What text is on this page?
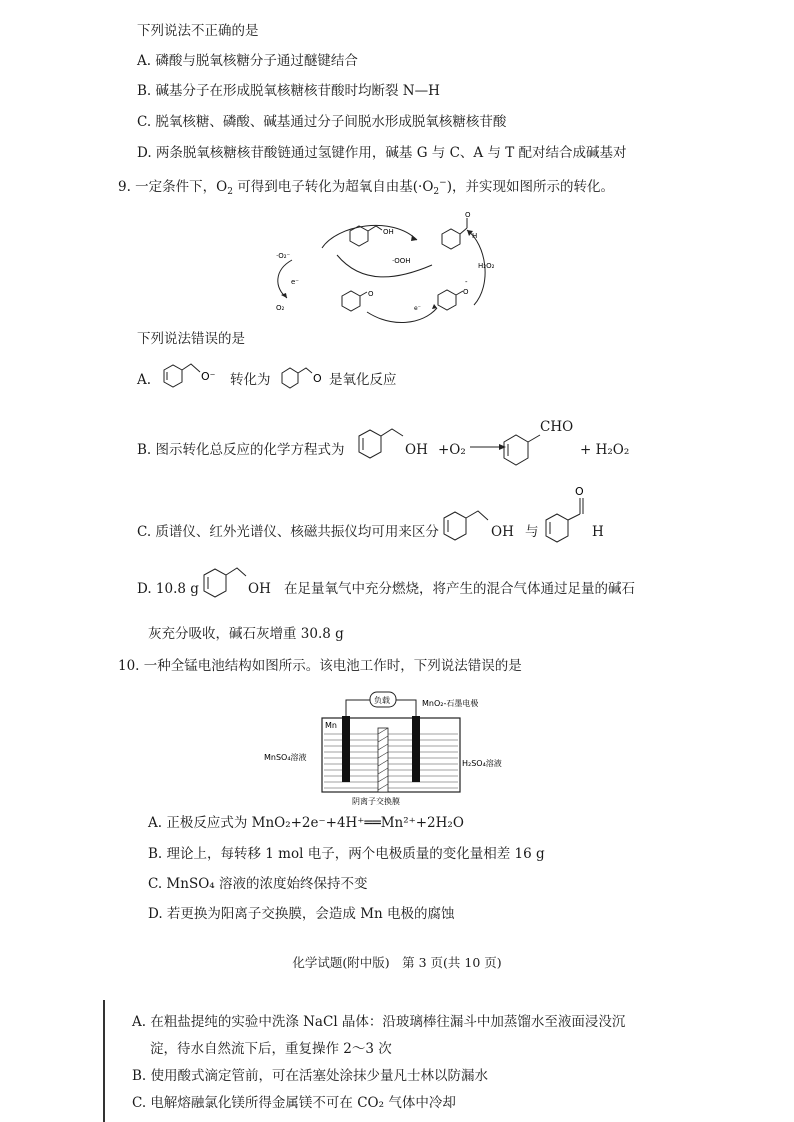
下列说法不正确的是
A. 磷酸与脱氧核糖分子通过醚键结合
B. 碱基分子在形成脱氧核糖核苷酸时均断裂 N—H
C. 脱氧核糖、磷酸、碱基通过分子间脱水形成脱氧核糖核苷酸
D. 两条脱氧核糖核苷酸链通过氢键作用，碱基 G 与 C、A 与 T 配对结合成碱基对
9. 一定条件下，$O_2$ 可得到电子转化为超氧自由基$(\cdot O_2^-)$，并实现如图所示的转化。
OH
O
H
O	O
-
·O₂⁻
e⁻
O₂
·OOH
H₂O₂
e⁻
下列说法错误的是
A.	O⁻ 转化为	O 是氧化反应
B. 图示转化总反应的化学方程式为	OH +O₂ →
CHO
+ H₂O₂
C. 质谱仪、红外光谱仪、核磁共振仪均可用来区分	OH 与
O
H
D. 10.8 g	OH 在足量氧气中充分燃烧，将产生的混合气体通过足量的碱石
灰充分吸收，碱石灰增重 30.8 g
10. 一种全锰电池结构如图所示。该电池工作时，下列说法错误的是
负载	MnO₂-石墨电极
Mn
MnSO₄溶液
H₂SO₄溶液
阴离子交换膜
A. 正极反应式为 MnO₂+2e⁻+4H⁺══Mn²⁺+2H₂O
B. 理论上，每转移 1 mol 电子，两个电极质量的变化量相差 16 g
C. MnSO₄ 溶液的浓度始终保持不变
D. 若更换为阳离子交换膜，会造成 Mn 电极的腐蚀
化学试题(附中版)　第 3 页(共 10 页)
A. 在粗盐提纯的实验中洗涤 NaCl 晶体：沿玻璃棒往漏斗中加蒸馏水至液面浸没沉
淀，待水自然流下后，重复操作 2～3 次
B. 使用酸式滴定管前，可在活塞处涂抹少量凡士林以防漏水
C. 电解熔融氯化镁所得金属镁不可在 CO₂ 气体中冷却
